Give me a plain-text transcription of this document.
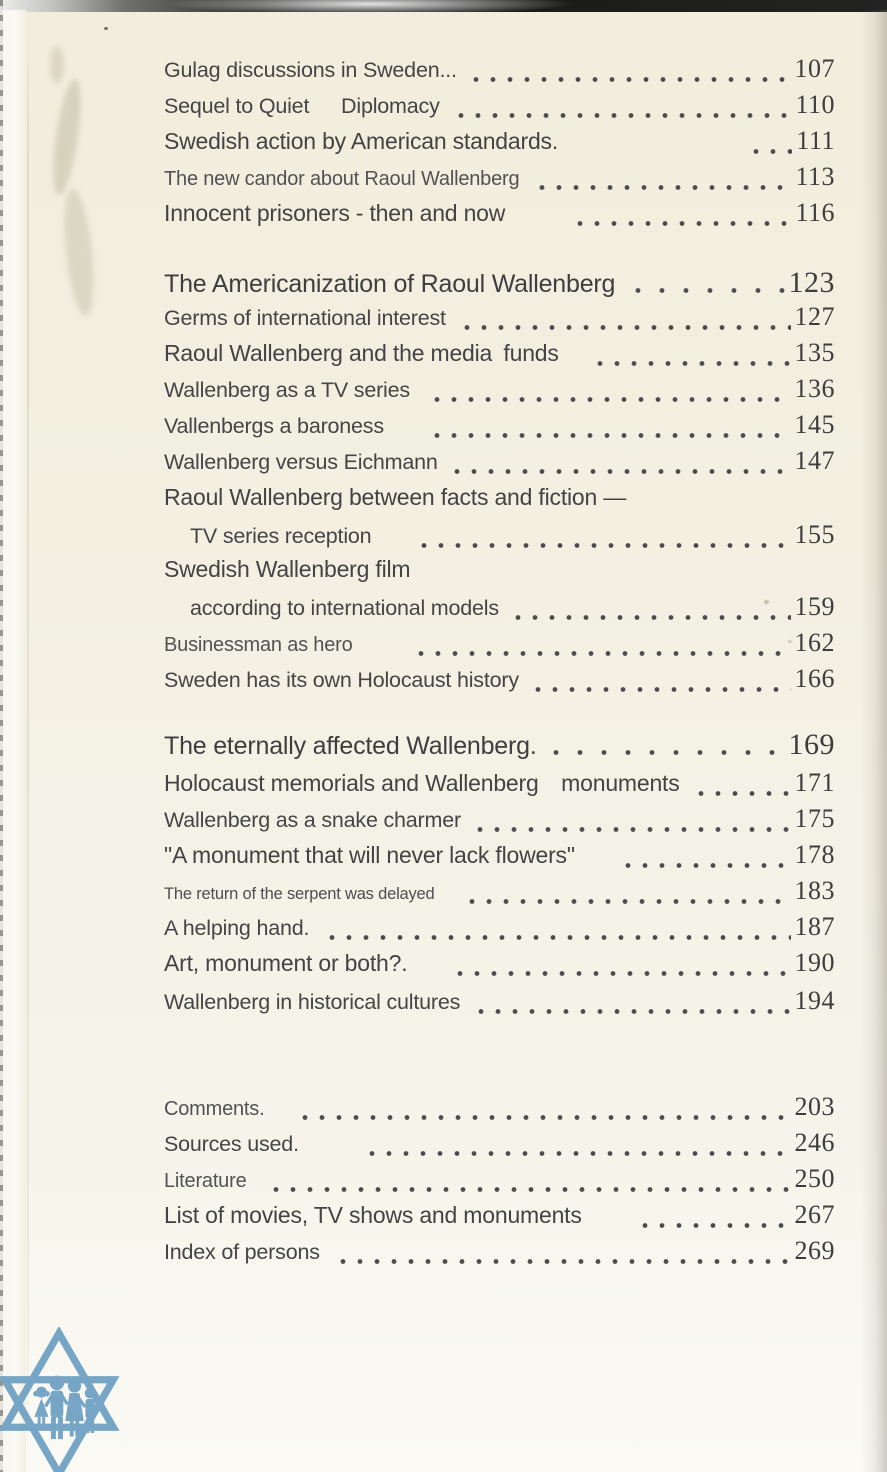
Gulag discussions in Sweden...	107
Sequel to Quiet  Diplomacy	110
Swedish action by American standards.	111
The new candor about Raoul Wallenberg	113
Innocent prisoners - then and now	116
The Americanization of Raoul Wallenberg	123
Germs of international interest	127
Raoul Wallenberg and the media funds	135
Wallenberg as a TV series	136
Vallenbergs a baroness	145
Wallenberg versus Eichmann	147
Raoul Wallenberg between facts and fiction —
TV series reception	155
Swedish Wallenberg film
according to international models	159
Businessman as hero	162
Sweden has its own Holocaust history	166
The eternally affected Wallenberg.	169
Holocaust memorials and Wallenberg  monuments	171
Wallenberg as a snake charmer	175
"A monument that will never lack flowers"	178
The return of the serpent was delayed	183
A helping hand.	187
Art, monument or both?.	190
Wallenberg in historical cultures	194
Comments.	203
Sources used.	246
Literature	250
List of movies, TV shows and monuments	267
Index of persons	269
